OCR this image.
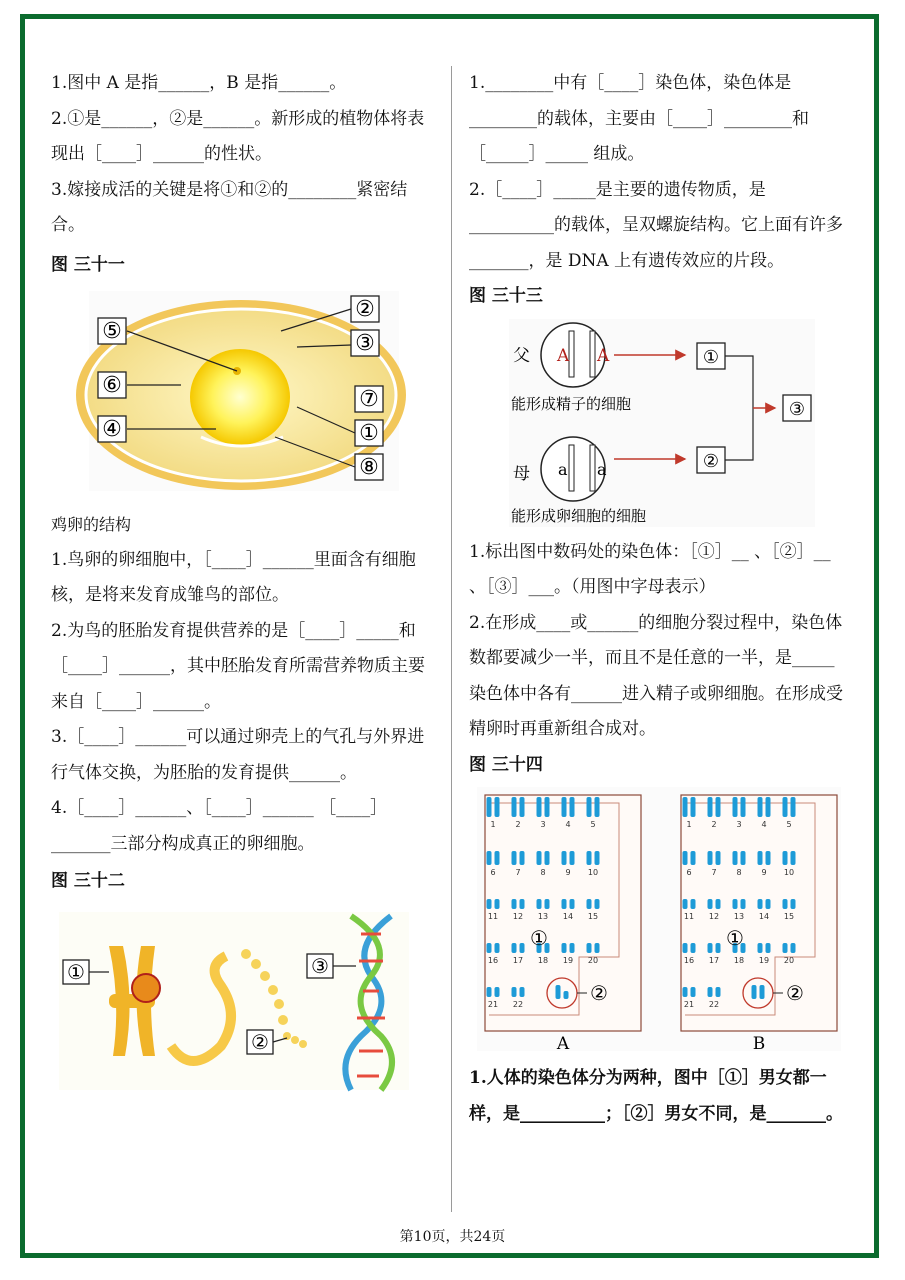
1.图中 A 是指______，B 是指______。

2.①是______，②是______。新形成的植物体将表现出［____］______的性状。

3.嫁接成活的关键是将①和②的________紧密结合。

图 三十一

⑤
②
③
⑥
⑦
④	①
⑧

鸡卵的结构

1.鸟卵的卵细胞中，［____］______里面含有细胞核，是将来发育成雏鸟的部位。

2.为鸟的胚胎发育提供营养的是［____］_____和［____］______，其中胚胎发育所需营养物质主要来自［____］______。

3.［____］______可以通过卵壳上的气孔与外界进行气体交换，为胚胎的发育提供______。

4.［____］______、［____］______ ［____］_______三部分构成真正的卵细胞。

图 三十二

①
②
③

1.________中有［____］染色体，染色体是________的载体，主要由［____］________和［_____］_____ 组成。

2.［____］_____是主要的遗传物质，是__________的载体，呈双螺旋结构。它上面有许多_______，是 DNA 上有遗传效应的片段。

图 三十三

父
母
A A
能形成精子的细胞
a a
能形成卵细胞的细胞
①
②
③

1.标出图中数码处的染色体：［①］__ 、［②］__ 、［③］___。（用图中字母表示）

2.在形成____或______的细胞分裂过程中，染色体数都要减少一半，而且不是任意的一半，是_____染色体中各有______进入精子或卵细胞。在形成受精卵时再重新组合成对。

图 三十四

1 2 3 4 5
6 7 8 9 10
11 12 13 14 15
16 17 18 19 20
21 22
1 2 3 4 5
6 7 8 9 10
11 12 13 14 15
16 17 18 19 20
21 22
①	①
②	②
A	B

1.人体的染色体分为两种，图中［①］男女都一样，是__________；［②］男女不同，是_______。

第10页，共24页
